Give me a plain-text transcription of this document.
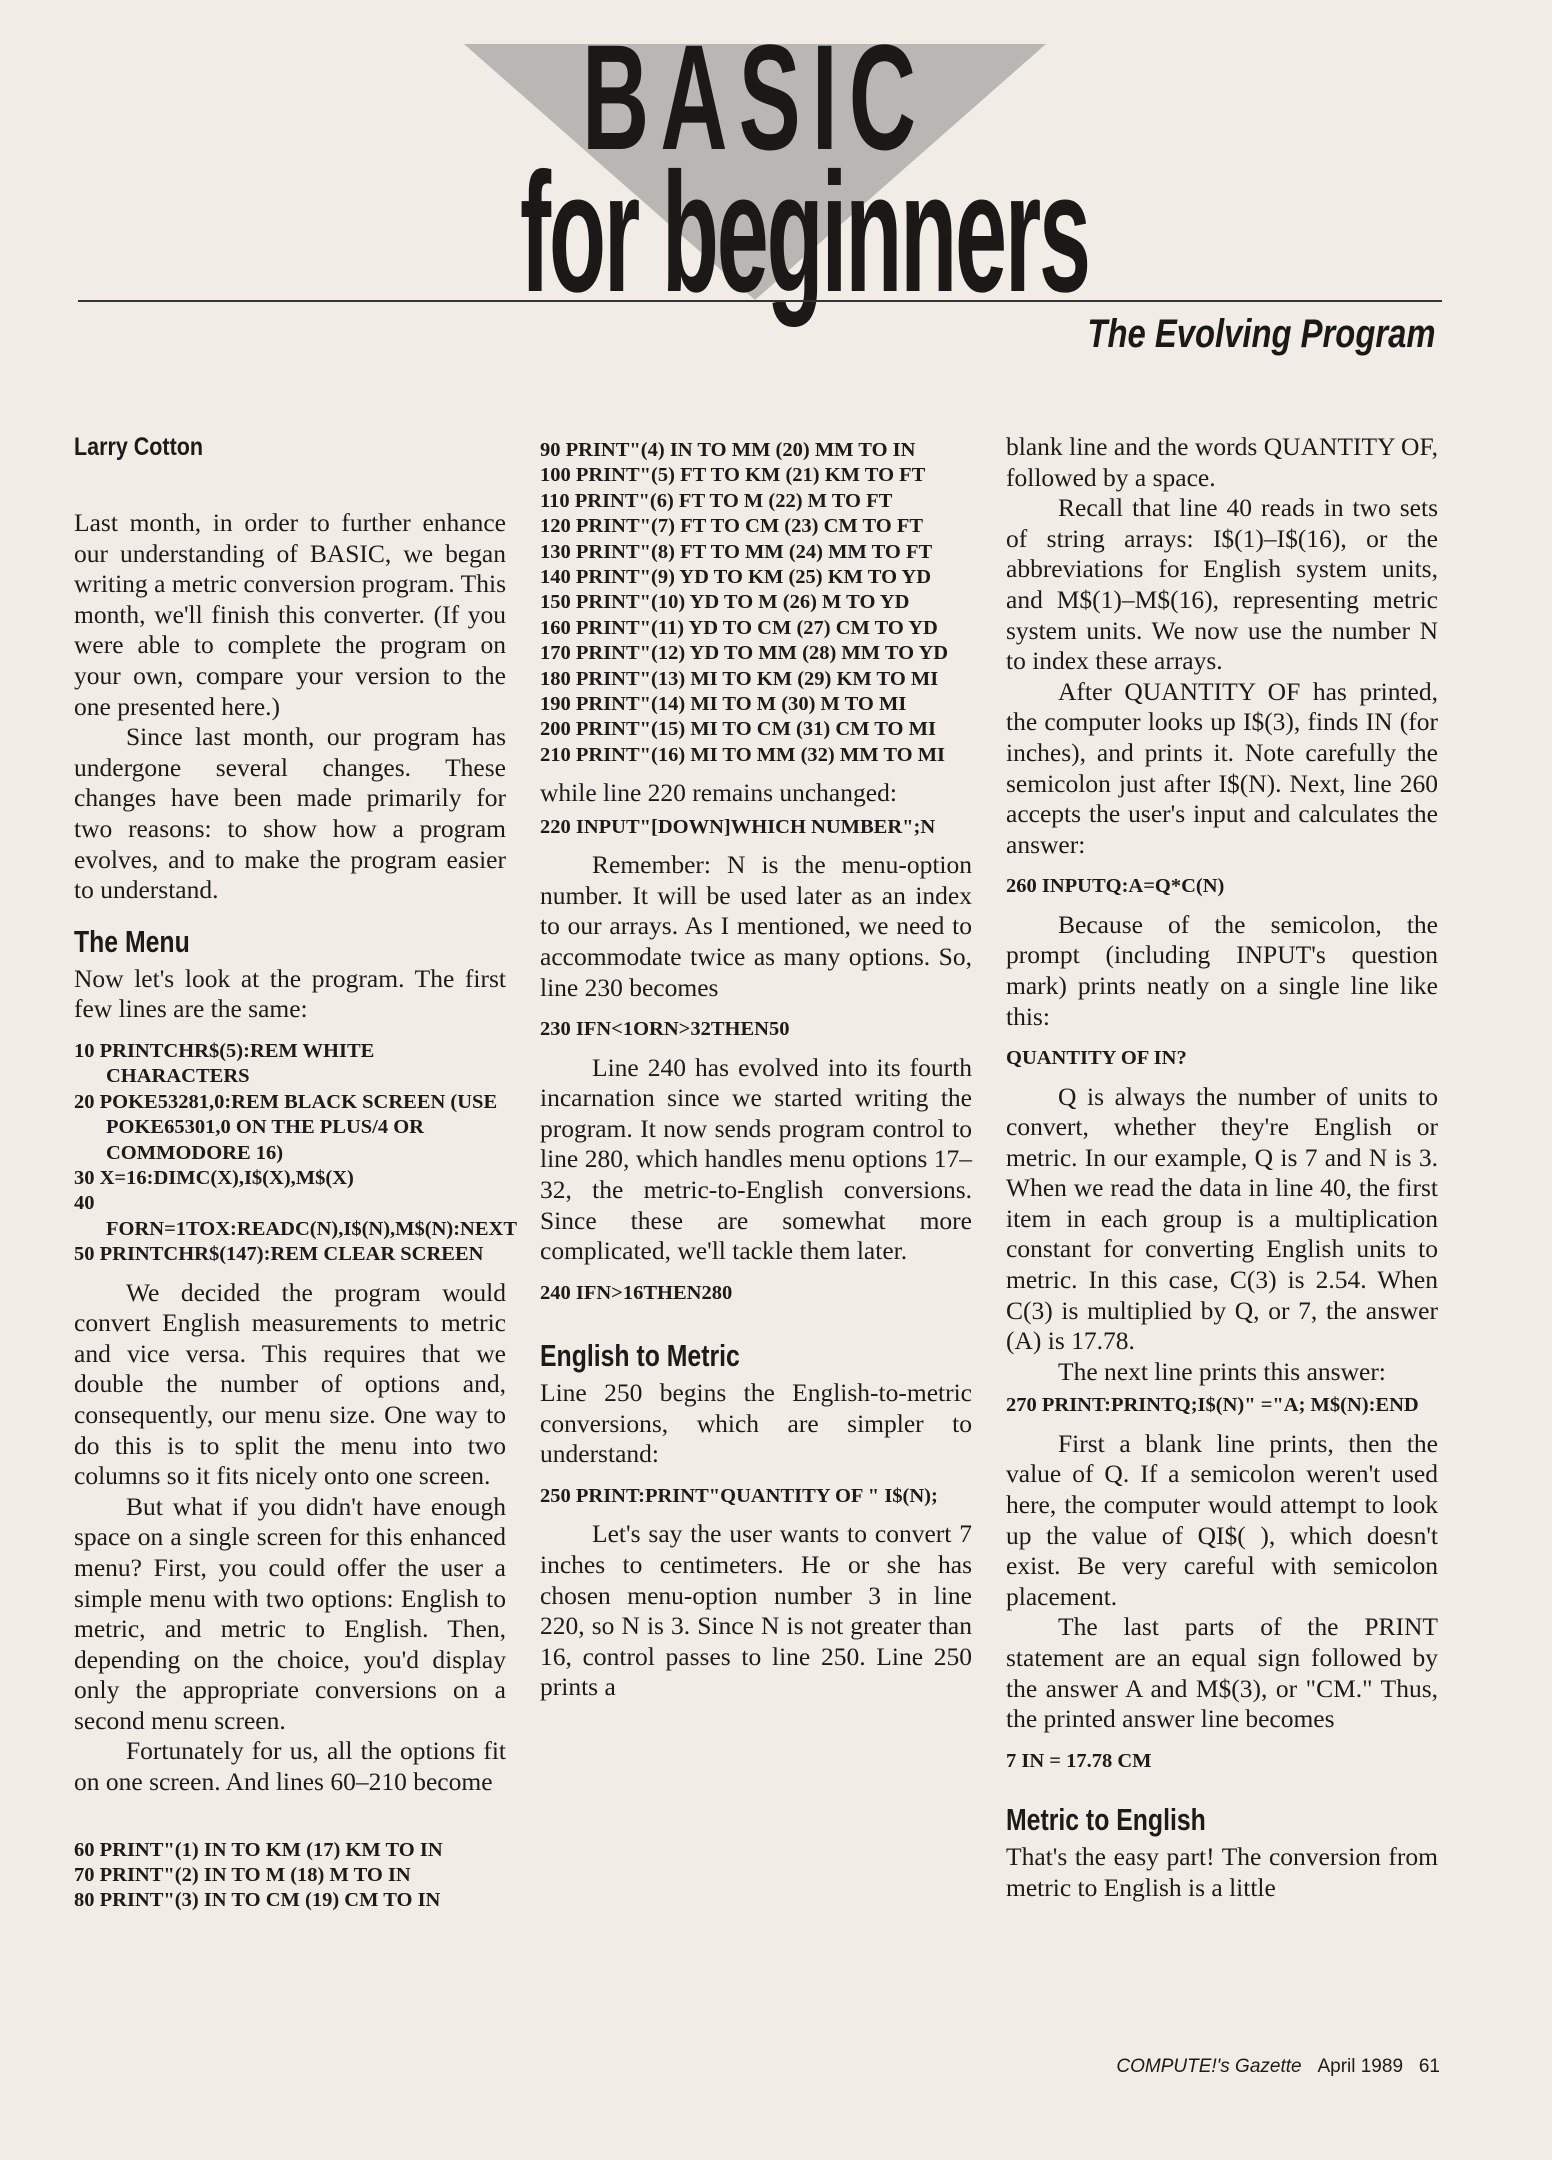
BASIC
for beginners
The Evolving Program
Larry Cotton

Last month, in order to further enhance our understanding of BASIC, we began writing a metric conversion program. This month, we'll finish this converter. (If you were able to complete the program on your own, compare your version to the one presented here.)

Since last month, our program has undergone several changes. These changes have been made primarily for two reasons: to show how a program evolves, and to make the program easier to understand.

The Menu

Now let's look at the program. The first few lines are the same:

10 PRINTCHR$(5):REM WHITE CHARACTERS
20 POKE53281,0:REM BLACK SCREEN (USE POKE65301,0 ON THE PLUS/4 OR COMMODORE 16)
30 X=16:DIMC(X),I$(X),M$(X)
40 FORN=1TOX:READC(N),I$(N),M$(N):NEXT
50 PRINTCHR$(147):REM CLEAR SCREEN

We decided the program would convert English measurements to metric and vice versa. This requires that we double the number of options and, consequently, our menu size. One way to do this is to split the menu into two columns so it fits nicely onto one screen.

But what if you didn't have enough space on a single screen for this enhanced menu? First, you could offer the user a simple menu with two options: English to metric, and metric to English. Then, depending on the choice, you'd display only the appropriate conversions on a second menu screen.

Fortunately for us, all the options fit on one screen. And lines 60–210 become

60 PRINT"(1) IN TO KM (17) KM TO IN
70 PRINT"(2) IN TO M (18) M TO IN
80 PRINT"(3) IN TO CM (19) CM TO IN
90 PRINT"(4) IN TO MM (20) MM TO IN
100 PRINT"(5) FT TO KM (21) KM TO FT
110 PRINT"(6) FT TO M (22) M TO FT
120 PRINT"(7) FT TO CM (23) CM TO FT
130 PRINT"(8) FT TO MM (24) MM TO FT
140 PRINT"(9) YD TO KM (25) KM TO YD
150 PRINT"(10) YD TO M (26) M TO YD
160 PRINT"(11) YD TO CM (27) CM TO YD
170 PRINT"(12) YD TO MM (28) MM TO YD
180 PRINT"(13) MI TO KM (29) KM TO MI
190 PRINT"(14) MI TO M (30) M TO MI
200 PRINT"(15) MI TO CM (31) CM TO MI
210 PRINT"(16) MI TO MM (32) MM TO MI

while line 220 remains unchanged:

220 INPUT"[DOWN]WHICH NUMBER";N

Remember: N is the menu-option number. It will be used later as an index to our arrays. As I mentioned, we need to accommodate twice as many options. So, line 230 becomes

230 IFN<1ORN>32THEN50

Line 240 has evolved into its fourth incarnation since we started writing the program. It now sends program control to line 280, which handles menu options 17–32, the metric-to-English conversions. Since these are somewhat more complicated, we'll tackle them later.

240 IFN>16THEN280
English to Metric

Line 250 begins the English-to-metric conversions, which are simpler to understand:

250 PRINT:PRINT"QUANTITY OF " I$(N);

Let's say the user wants to convert 7 inches to centimeters. He or she has chosen menu-option number 3 in line 220, so N is 3. Since N is not greater than 16, control passes to line 250. Line 250 prints a

blank line and the words QUANTITY OF, followed by a space.

Recall that line 40 reads in two sets of string arrays: I$(1)–I$(16), or the abbreviations for English system units, and M$(1)–M$(16), representing metric system units. We now use the number N to index these arrays.

After QUANTITY OF has printed, the computer looks up I$(3), finds IN (for inches), and prints it. Note carefully the semicolon just after I$(N). Next, line 260 accepts the user's input and calculates the answer:

260 INPUTQ:A=Q*C(N)

Because of the semicolon, the prompt (including INPUT's question mark) prints neatly on a single line like this:

QUANTITY OF IN?

Q is always the number of units to convert, whether they're English or metric. In our example, Q is 7 and N is 3. When we read the data in line 40, the first item in each group is a multiplication constant for converting English units to metric. In this case, C(3) is 2.54. When C(3) is multiplied by Q, or 7, the answer (A) is 17.78.

The next line prints this answer:

270 PRINT:PRINTQ;I$(N)" ="A; M$(N):END

First a blank line prints, then the value of Q. If a semicolon weren't used here, the computer would attempt to look up the value of QI$( ), which doesn't exist. Be very careful with semicolon placement.

The last parts of the PRINT statement are an equal sign followed by the answer A and M$(3), or "CM." Thus, the printed answer line becomes

7 IN = 17.78 CM
Metric to English

That's the easy part! The conversion from metric to English is a little

COMPUTE!'s Gazette April 1989 61
